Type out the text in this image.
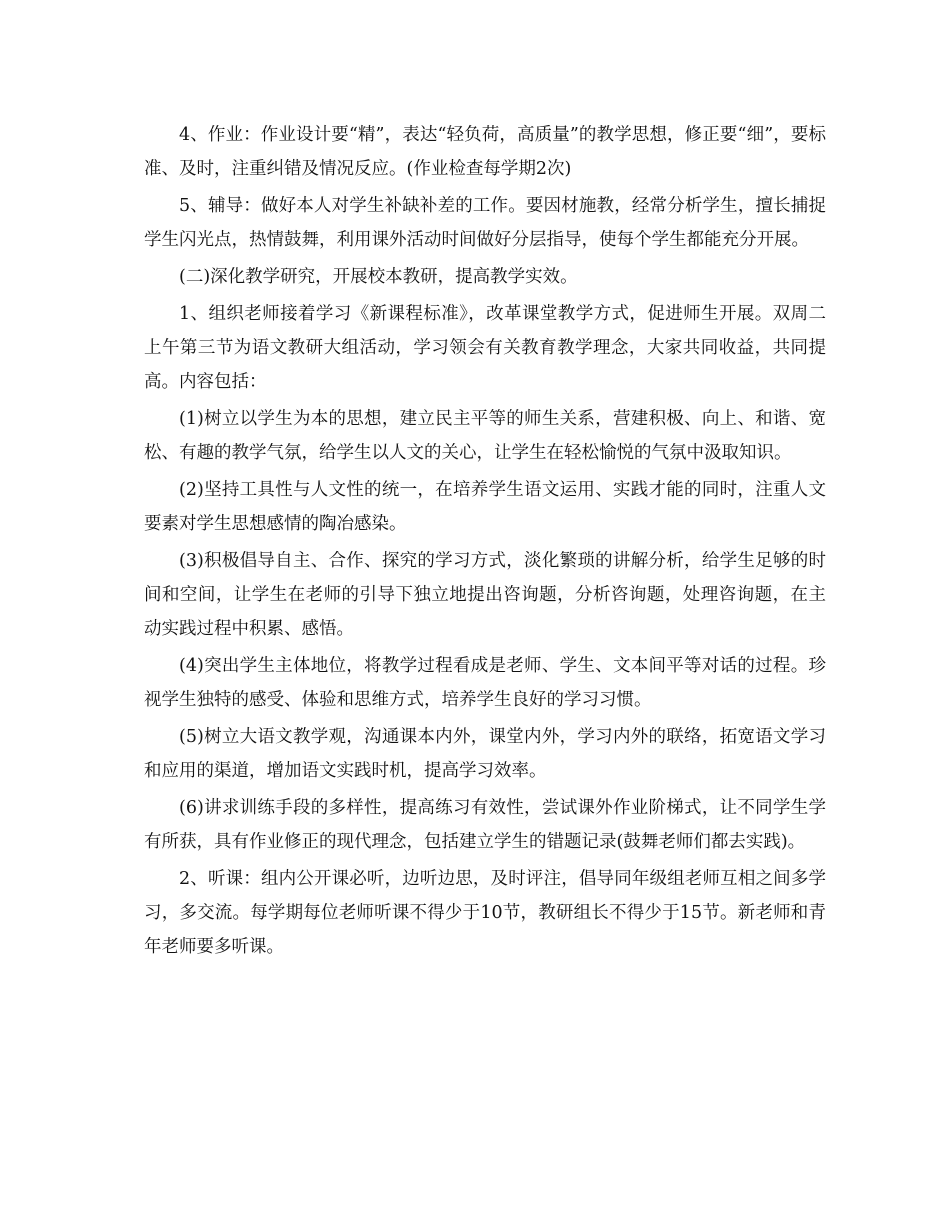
4、作业：作业设计要“精”，表达“轻负荷，高质量”的教学思想，修正要“细”，要标准、及时，注重纠错及情况反应。(作业检查每学期2次)

5、辅导：做好本人对学生补缺补差的工作。要因材施教，经常分析学生，擅长捕捉学生闪光点，热情鼓舞，利用课外活动时间做好分层指导，使每个学生都能充分开展。

(二)深化教学研究，开展校本教研，提高教学实效。

1、组织老师接着学习《新课程标准》，改革课堂教学方式，促进师生开展。双周二上午第三节为语文教研大组活动，学习领会有关教育教学理念，大家共同收益，共同提高。内容包括：

(1)树立以学生为本的思想，建立民主平等的师生关系，营建积极、向上、和谐、宽松、有趣的教学气氛，给学生以人文的关心，让学生在轻松愉悦的气氛中汲取知识。

(2)坚持工具性与人文性的统一，在培养学生语文运用、实践才能的同时，注重人文要素对学生思想感情的陶冶感染。

(3)积极倡导自主、合作、探究的学习方式，淡化繁琐的讲解分析，给学生足够的时间和空间，让学生在老师的引导下独立地提出咨询题，分析咨询题，处理咨询题，在主动实践过程中积累、感悟。

(4)突出学生主体地位，将教学过程看成是老师、学生、文本间平等对话的过程。珍视学生独特的感受、体验和思维方式，培养学生良好的学习习惯。

(5)树立大语文教学观，沟通课本内外，课堂内外，学习内外的联络，拓宽语文学习和应用的渠道，增加语文实践时机，提高学习效率。

(6)讲求训练手段的多样性，提高练习有效性，尝试课外作业阶梯式，让不同学生学有所获，具有作业修正的现代理念，包括建立学生的错题记录(鼓舞老师们都去实践)。

2、听课：组内公开课必听，边听边思，及时评注，倡导同年级组老师互相之间多学习，多交流。每学期每位老师听课不得少于10节，教研组长不得少于15节。新老师和青年老师要多听课。
